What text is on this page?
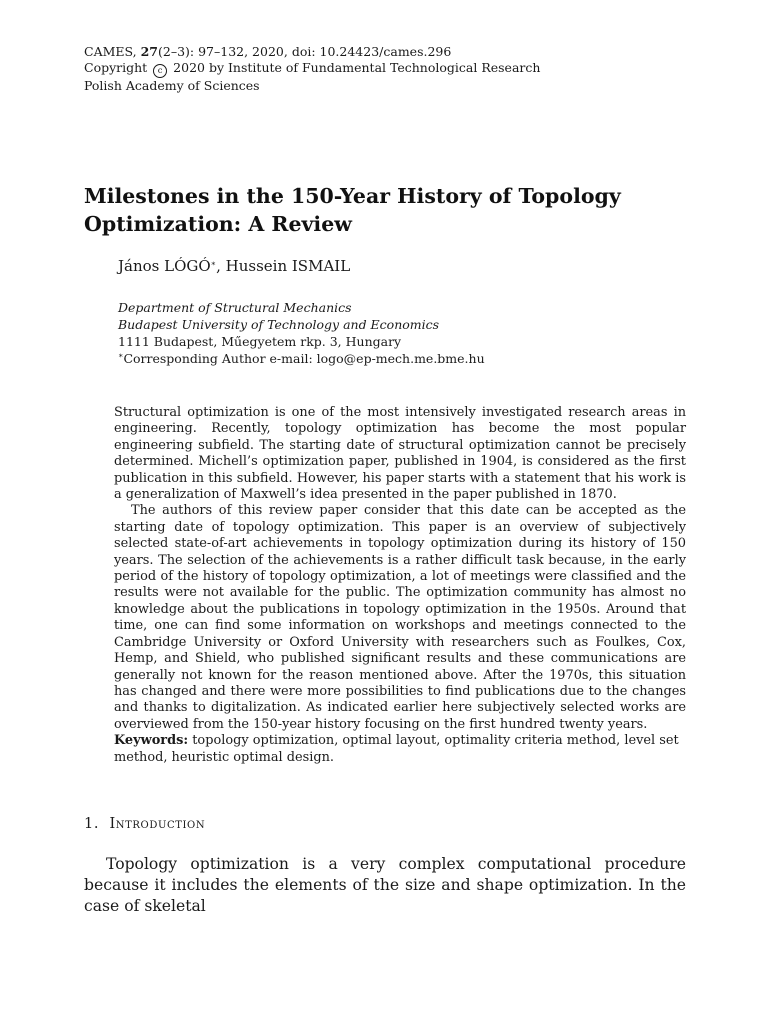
CAMES, 27(2–3): 97–132, 2020, doi: 10.24423/cames.296
Copyright c 2020 by Institute of Fundamental Technological Research
Polish Academy of Sciences
Milestones in the 150-Year History of Topology
Optimization: A Review
János LÓGÓ∗, Hussein ISMAIL
Department of Structural Mechanics
Budapest University of Technology and Economics
1111 Budapest, Műegyetem rkp. 3, Hungary
∗Corresponding Author e-mail: logo@ep-mech.me.bme.hu

Structural optimization is one of the most intensively investigated research areas in engineering. Recently, topology optimization has become the most popular engineering subfield. The starting date of structural optimization cannot be precisely determined. Michell’s optimization paper, published in 1904, is considered as the first publication in this subfield. However, his paper starts with a statement that his work is a generalization of Maxwell’s idea presented in the paper published in 1870.

The authors of this review paper consider that this date can be accepted as the starting date of topology optimization. This paper is an overview of subjectively selected state-of-art achievements in topology optimization during its history of 150 years. The selection of the achievements is a rather difficult task because, in the early period of the history of topology optimization, a lot of meetings were classified and the results were not available for the public. The optimization community has almost no knowledge about the publications in topology optimization in the 1950s. Around that time, one can find some information on workshops and meetings connected to the Cambridge University or Oxford University with researchers such as Foulkes, Cox, Hemp, and Shield, who published significant results and these communications are generally not known for the reason mentioned above. After the 1970s, this situation has changed and there were more possibilities to find publications due to the changes and thanks to digitalization. As indicated earlier here subjectively selected works are overviewed from the 150-year history focusing on the first hundred twenty years.

Keywords: topology optimization, optimal layout, optimality criteria method, level set method, heuristic optimal design.

1. Introduction

Topology optimization is a very complex computational procedure because it includes the elements of the size and shape optimization. In the case of skeletal
